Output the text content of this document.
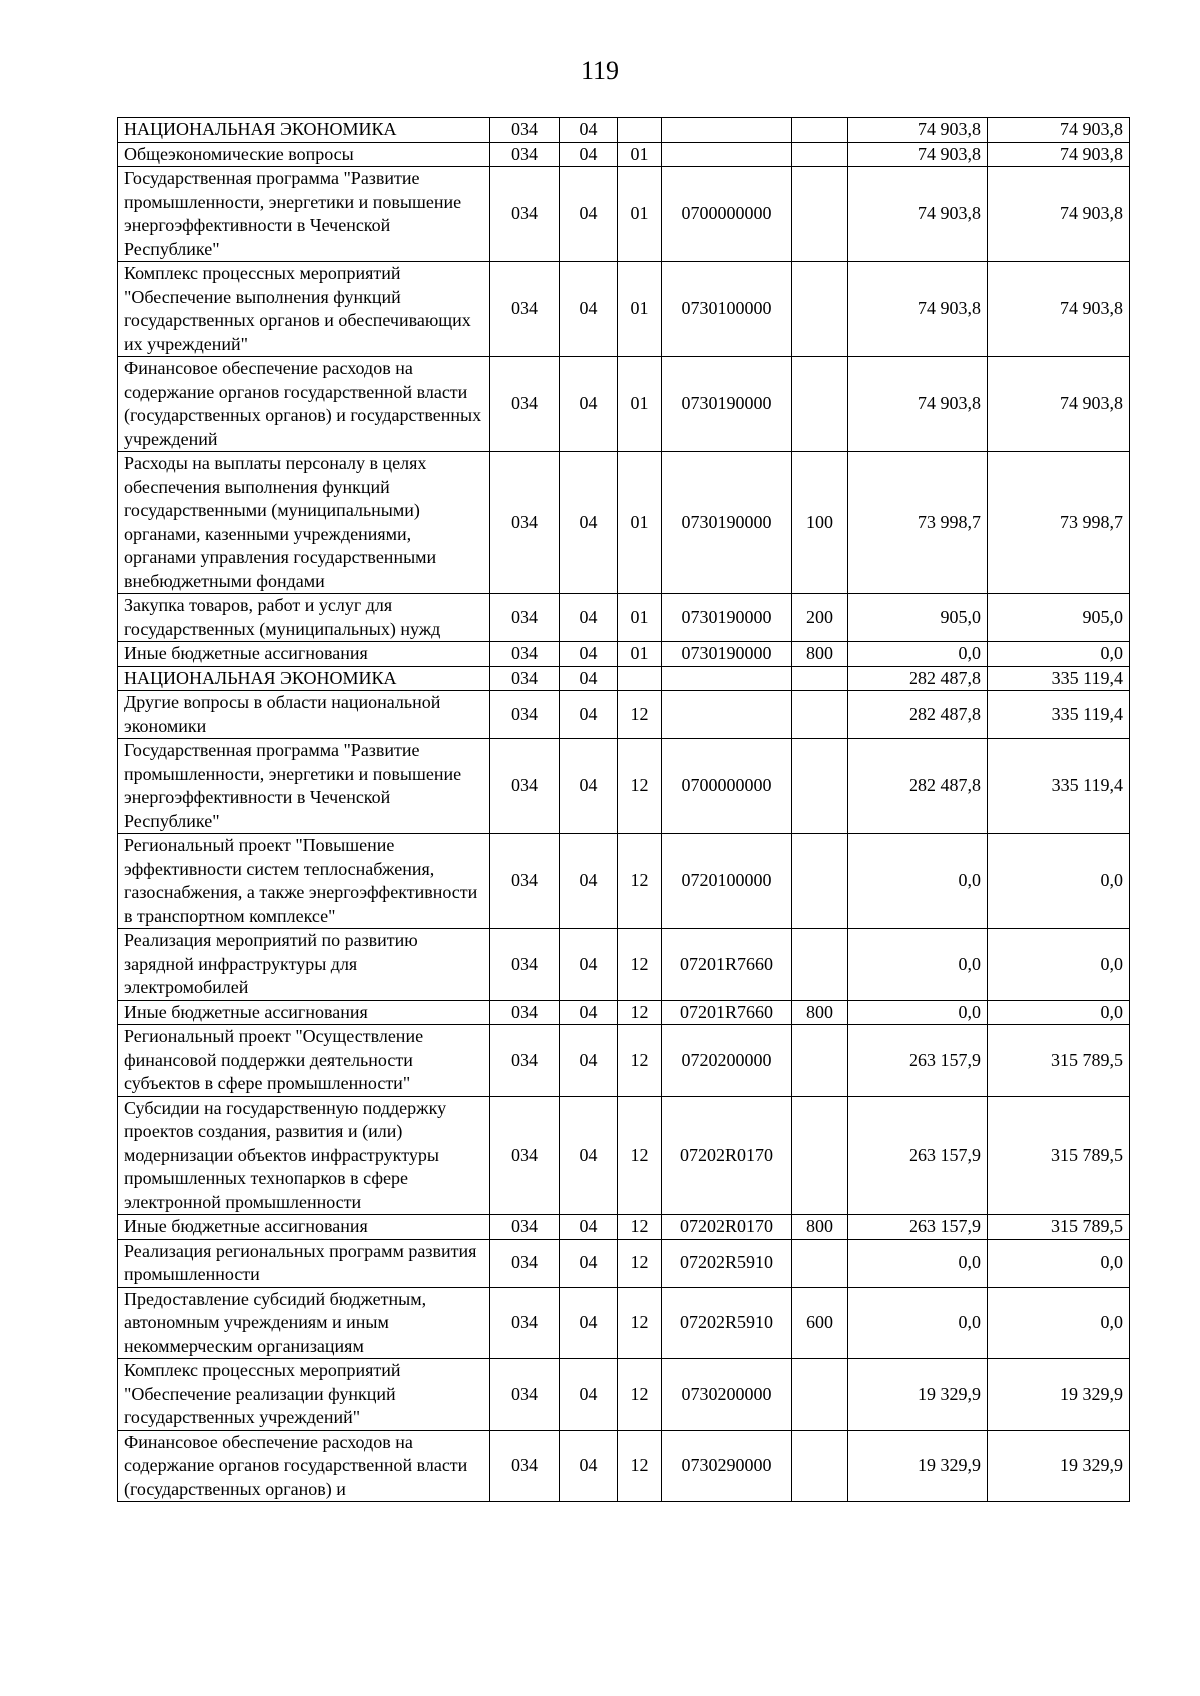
119
НАЦИОНАЛЬНАЯ ЭКОНОМИКА	034	04				74 903,8	74 903,8
Общеэкономические вопросы	034	04	01			74 903,8	74 903,8
Государственная программа "Развитие промышленности, энергетики и повышение энергоэффективности в Чеченской Республике"	034	04	01	0700000000		74 903,8	74 903,8
Комплекс процессных мероприятий "Обеспечение выполнения функций государственных органов и обеспечивающих их учреждений"	034	04	01	0730100000		74 903,8	74 903,8
Финансовое обеспечение расходов на содержание органов государственной власти (государственных органов) и государственных учреждений	034	04	01	0730190000		74 903,8	74 903,8
Расходы на выплаты персоналу в целях обеспечения выполнения функций государственными (муниципальными) органами, казенными учреждениями, органами управления государственными внебюджетными фондами	034	04	01	0730190000	100	73 998,7	73 998,7
Закупка товаров, работ и услуг для государственных (муниципальных) нужд	034	04	01	0730190000	200	905,0	905,0
Иные бюджетные ассигнования	034	04	01	0730190000	800	0,0	0,0
НАЦИОНАЛЬНАЯ ЭКОНОМИКА	034	04				282 487,8	335 119,4
Другие вопросы в области национальной экономики	034	04	12			282 487,8	335 119,4
Государственная программа "Развитие промышленности, энергетики и повышение энергоэффективности в Чеченской Республике"	034	04	12	0700000000		282 487,8	335 119,4
Региональный проект "Повышение эффективности систем теплоснабжения, газоснабжения, а также энергоэффективности в транспортном комплексе"	034	04	12	0720100000		0,0	0,0
Реализация мероприятий по развитию зарядной инфраструктуры для электромобилей	034	04	12	07201R7660		0,0	0,0
Иные бюджетные ассигнования	034	04	12	07201R7660	800	0,0	0,0
Региональный проект "Осуществление финансовой поддержки деятельности субъектов в сфере промышленности"	034	04	12	0720200000		263 157,9	315 789,5
Субсидии на государственную поддержку проектов создания, развития и (или) модернизации объектов инфраструктуры промышленных технопарков в сфере электронной промышленности	034	04	12	07202R0170		263 157,9	315 789,5
Иные бюджетные ассигнования	034	04	12	07202R0170	800	263 157,9	315 789,5
Реализация региональных программ развития промышленности	034	04	12	07202R5910		0,0	0,0
Предоставление субсидий бюджетным, автономным учреждениям и иным некоммерческим организациям	034	04	12	07202R5910	600	0,0	0,0
Комплекс процессных мероприятий "Обеспечение реализации функций государственных учреждений"	034	04	12	0730200000		19 329,9	19 329,9
Финансовое обеспечение расходов на содержание органов государственной власти (государственных органов) и	034	04	12	0730290000		19 329,9	19 329,9
